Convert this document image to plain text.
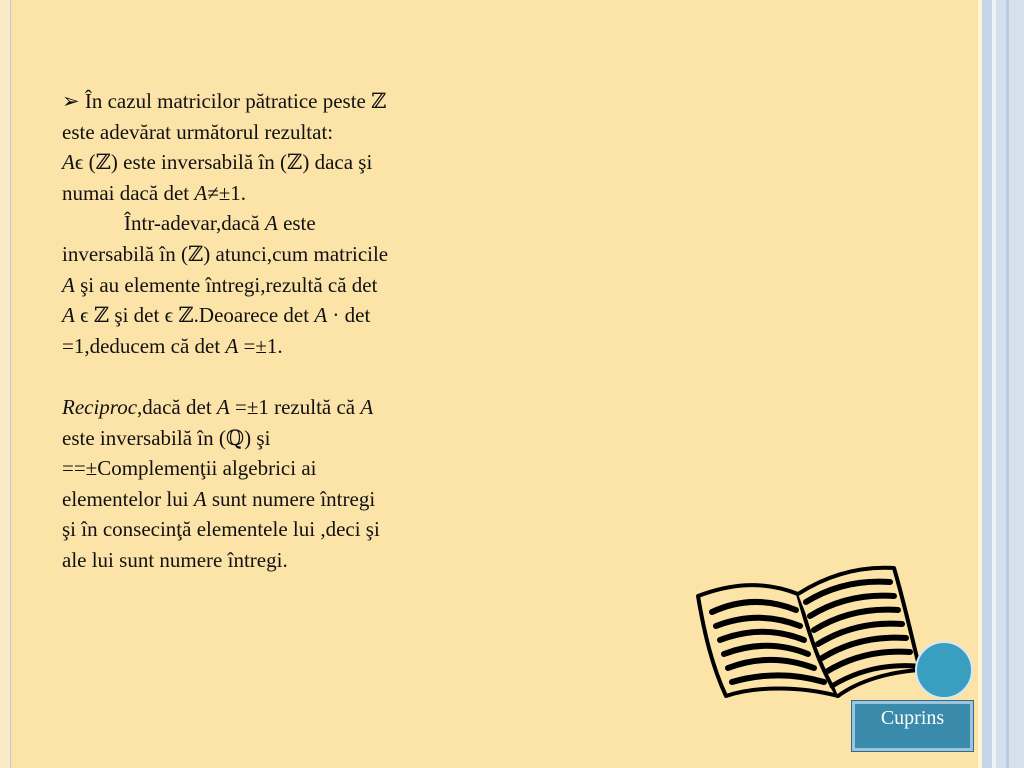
➢ În cazul matricilor pătratice peste ℤ

este adevărat următorul rezultat:

Aϵ (ℤ) este inversabilă în (ℤ) daca şi

numai dacă det A≠±1.

Într-adevar,dacă A este

inversabilă în (ℤ) atunci,cum matricile

A şi au elemente întregi,rezultă că det

A ϵ ℤ şi det ϵ ℤ.Deoarece det A · det

=1,deducem că det A =±1.

Reciproc,dacă det A =±1 rezultă că A

este inversabilă în (ℚ) şi

==±Complemenţii algebrici ai

elementelor lui A sunt numere întregi

şi în consecinţă elementele lui ,deci şi

ale lui sunt numere întregi.

Cuprins
